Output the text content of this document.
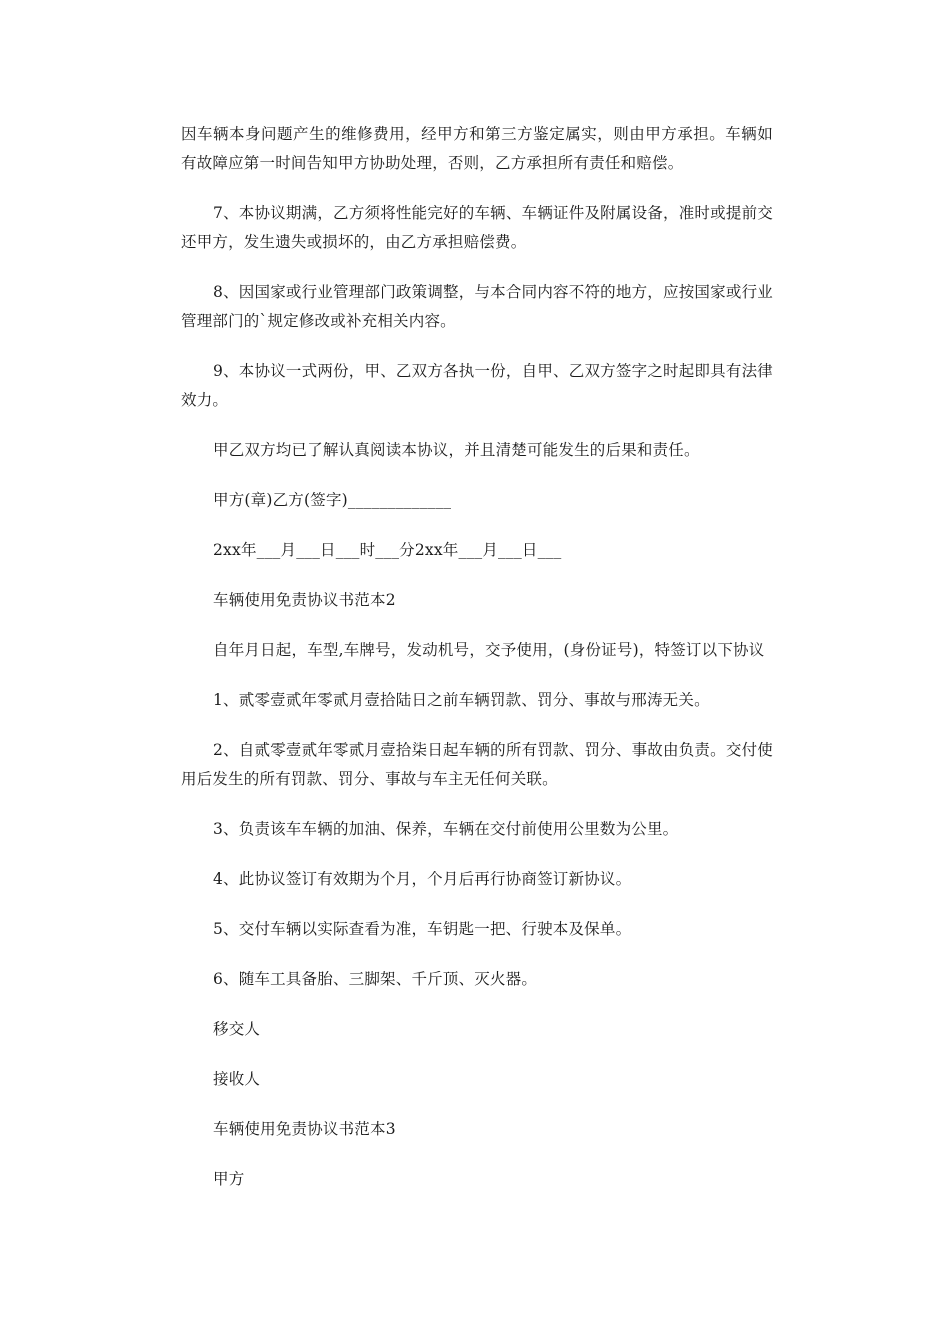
因车辆本身问题产生的维修费用，经甲方和第三方鉴定属实，则由甲方承担。车辆如有故障应第一时间告知甲方协助处理，否则，乙方承担所有责任和赔偿。

7、本协议期满，乙方须将性能完好的车辆、车辆证件及附属设备，准时或提前交还甲方，发生遗失或损坏的，由乙方承担赔偿费。

8、因国家或行业管理部门政策调整，与本合同内容不符的地方，应按国家或行业管理部门的`规定修改或补充相关内容。

9、本协议一式两份，甲、乙双方各执一份，自甲、乙双方签字之时起即具有法律效力。

甲乙双方均已了解认真阅读本协议，并且清楚可能发生的后果和责任。

甲方(章)乙方(签字)_____________

2xx年___月___日___时___分2xx年___月___日___

车辆使用免责协议书范本2

自年月日起，车型,车牌号，发动机号，交予使用，(身份证号)，特签订以下协议

1、贰零壹贰年零贰月壹拾陆日之前车辆罚款、罚分、事故与邢涛无关。

2、自贰零壹贰年零贰月壹拾柒日起车辆的所有罚款、罚分、事故由负责。交付使用后发生的所有罚款、罚分、事故与车主无任何关联。

3、负责该车车辆的加油、保养，车辆在交付前使用公里数为公里。

4、此协议签订有效期为个月，个月后再行协商签订新协议。

5、交付车辆以实际查看为准，车钥匙一把、行驶本及保单。

6、随车工具备胎、三脚架、千斤顶、灭火器。

移交人

接收人

车辆使用免责协议书范本3

甲方
